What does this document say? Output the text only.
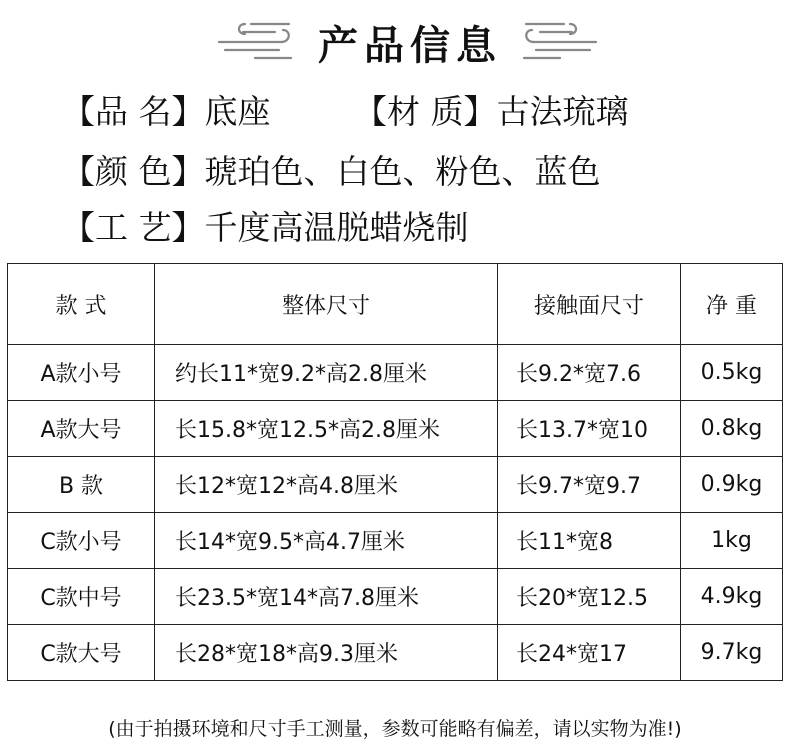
产品信息
【品 名】底座	【材 质】古法琉璃
【颜 色】琥珀色、白色、粉色、蓝色
【工 艺】千度高温脱蜡烧制
款 式	整体尺寸	接触面尺寸	净 重
A款小号	约长11*宽9.2*高2.8厘米	长9.2*宽7.6	0.5kg
A款大号	长15.8*宽12.5*高2.8厘米	长13.7*宽10	0.8kg
B 款	长12*宽12*高4.8厘米	长9.7*宽9.7	0.9kg
C款小号	长14*宽9.5*高4.7厘米	长11*宽8	1kg
C款中号	长23.5*宽14*高7.8厘米	长20*宽12.5	4.9kg
C款大号	长28*宽18*高9.3厘米	长24*宽17	9.7kg
(由于拍摄环境和尺寸手工测量，参数可能略有偏差，请以实物为准!)
